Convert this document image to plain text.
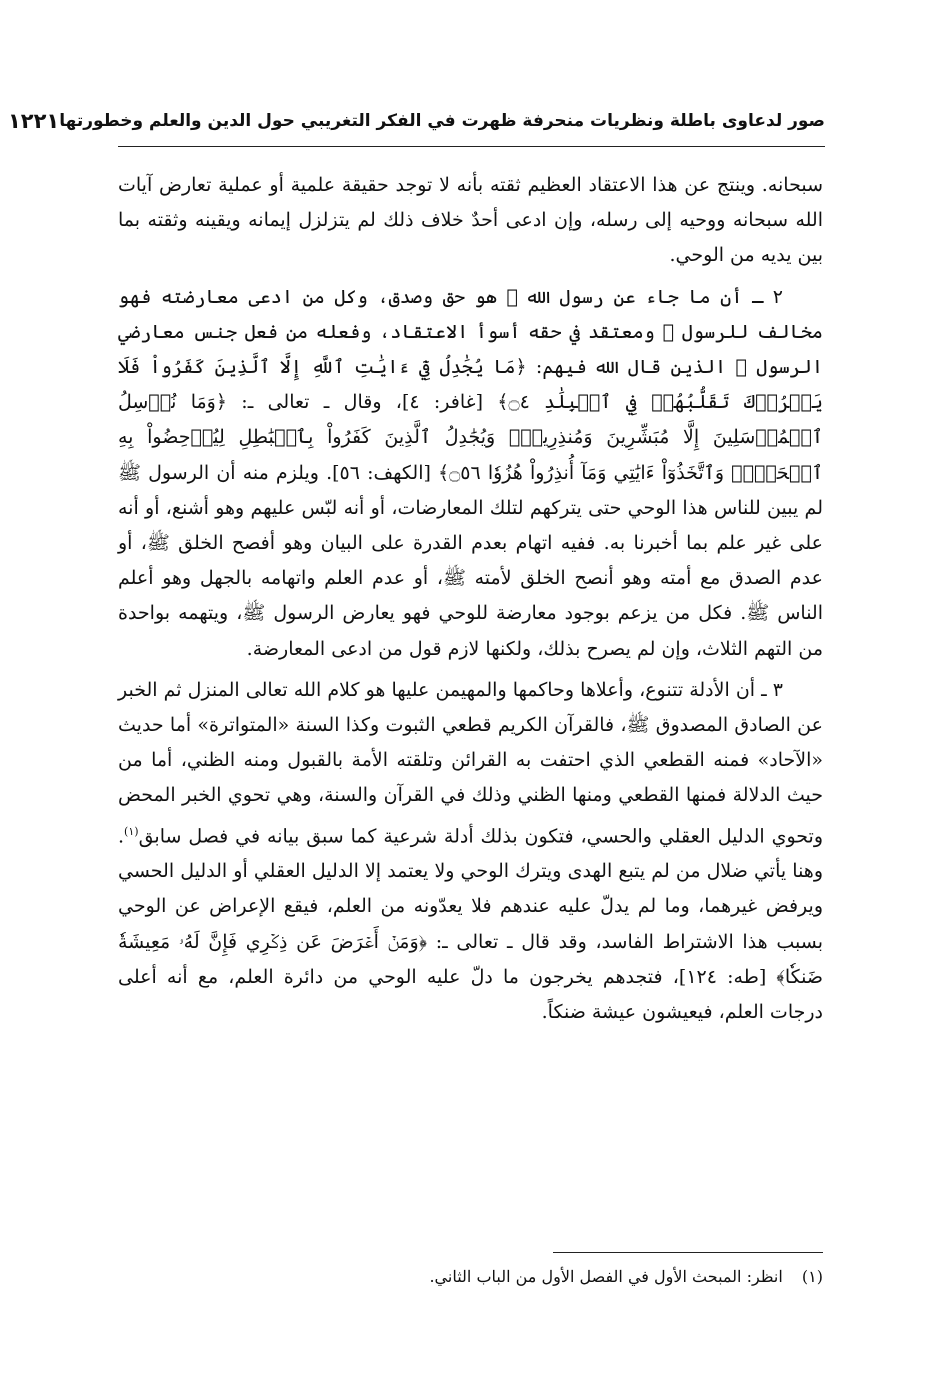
صور لدعاوى باطلة ونظريات منحرفة ظهرت في الفكر التغريبي حول الدين والعلم وخطورتها
١٢٢١

سبحانه. وينتج عن هذا الاعتقاد العظيم ثقته بأنه لا توجد حقيقة علمية أو عملية تعارض آيات الله سبحانه ووحيه إلى رسله، وإن ادعى أحدٌ خلاف ذلك لم يتزلزل إيمانه ويقينه وثقته بما بين يديه من الوحي.

٢ ـ أن ما جاء عن رسول الله ﷺ هو حق وصدق، وكل من ادعى معارضته فهو مخالف للرسول ﷺ ومعتقد في حقه أسوأ الاعتقاد، وفعله من فعل جنس معارضي الرسول ﷺ الذين قال الله فيهم: ﴿مَا يُجَٰدِلُ فِيٓ ءَايَٰتِ ٱللَّهِ إِلَّا ٱلَّذِينَ كَفَرُواْ فَلَا يَغۡرُرۡكَ تَقَلُّبُهُمۡ فِي ٱلۡبِلَٰدِ ۝٤﴾ [غافر: ٤]، وقال ـ تعالى ـ: ﴿وَمَا نُرۡسِلُ ٱلۡمُرۡسَلِينَ إِلَّا مُبَشِّرِينَ وَمُنذِرِينَۚ وَيُجَٰدِلُ ٱلَّذِينَ كَفَرُواْ بِٱلۡبَٰطِلِ لِيُدۡحِضُواْ بِهِ ٱلۡحَقَّۖ وَٱتَّخَذُوٓاْ ءَايَٰتِي وَمَآ أُنذِرُواْ هُزُوٗا ۝٥٦﴾ [الكهف: ٥٦]. ويلزم منه أن الرسول ﷺ لم يبين للناس هذا الوحي حتى يتركهم لتلك المعارضات، أو أنه لبّس عليهم وهو أشنع، أو أنه على غير علم بما أخبرنا به. ففيه اتهام بعدم القدرة على البيان وهو أفصح الخلق ﷺ، أو عدم الصدق مع أمته وهو أنصح الخلق لأمته ﷺ، أو عدم العلم واتهامه بالجهل وهو أعلم الناس ﷺ. فكل من يزعم بوجود معارضة للوحي فهو يعارض الرسول ﷺ، ويتهمه بواحدة من التهم الثلاث، وإن لم يصرح بذلك، ولكنها لازم قول من ادعى المعارضة.

٣ ـ أن الأدلة تتنوع، وأعلاها وحاكمها والمهيمن عليها هو كلام الله تعالى المنزل ثم الخبر عن الصادق المصدوق ﷺ، فالقرآن الكريم قطعي الثبوت وكذا السنة «المتواترة» أما حديث «الآحاد» فمنه القطعي الذي احتفت به القرائن وتلقته الأمة بالقبول ومنه الظني، أما من حيث الدلالة فمنها القطعي ومنها الظني وذلك في القرآن والسنة، وهي تحوي الخبر المحض وتحوي الدليل العقلي والحسي، فتكون بذلك أدلة شرعية كما سبق بيانه في فصل سابق$^{(١)}$. وهنا يأتي ضلال من لم يتبع الهدى ويترك الوحي ولا يعتمد إلا الدليل العقلي أو الدليل الحسي ويرفض غيرهما، وما لم يدلّ عليه عندهم فلا يعدّونه من العلم، فيقع الإعراض عن الوحي بسبب هذا الاشتراط الفاسد، وقد قال ـ تعالى ـ: ﴿وَمَنۡ أَعۡرَضَ عَن ذِكۡرِي فَإِنَّ لَهُۥ مَعِيشَةٗ ضَنكٗا﴾ [طه: ١٢٤]، فتجدهم يخرجون ما دلّ عليه الوحي من دائرة العلم، مع أنه أعلى درجات العلم، فيعيشون عيشة ضنكاً.

(١) انظر: المبحث الأول في الفصل الأول من الباب الثاني.
